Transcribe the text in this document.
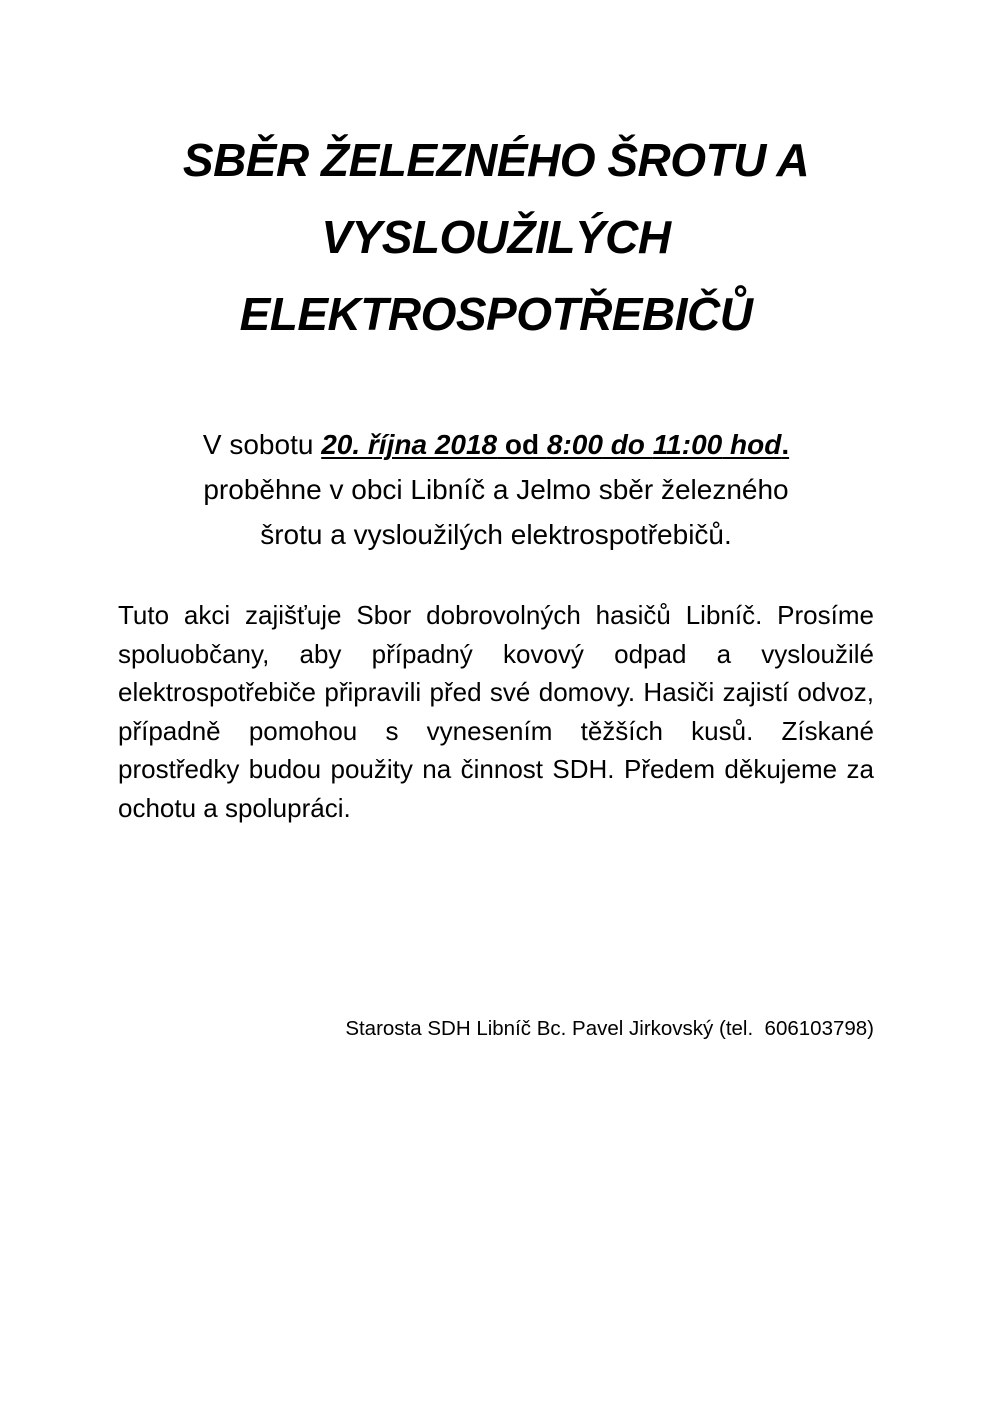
SBĚR ŽELEZNÉHO ŠROTU A
VYSLOUŽILÝCH
ELEKTROSPOTŘEBIČŮ
V sobotu 20. října 2018 od 8:00 do 11:00 hod.
proběhne v obci Libníč a Jelmo sběr železného
šrotu a vysloužilých elektrospotřebičů.

Tuto akci zajišťuje Sbor dobrovolných hasičů Libníč. Prosíme spoluobčany, aby případný kovový odpad a vysloužilé elektrospotřebiče připravili před své domovy. Hasiči zajistí odvoz, případně pomohou s vynesením těžších kusů. Získané prostředky budou použity na činnost SDH. Předem děkujeme za ochotu a spolupráci.

Starosta SDH Libníč Bc. Pavel Jirkovský (tel.  606103798)
